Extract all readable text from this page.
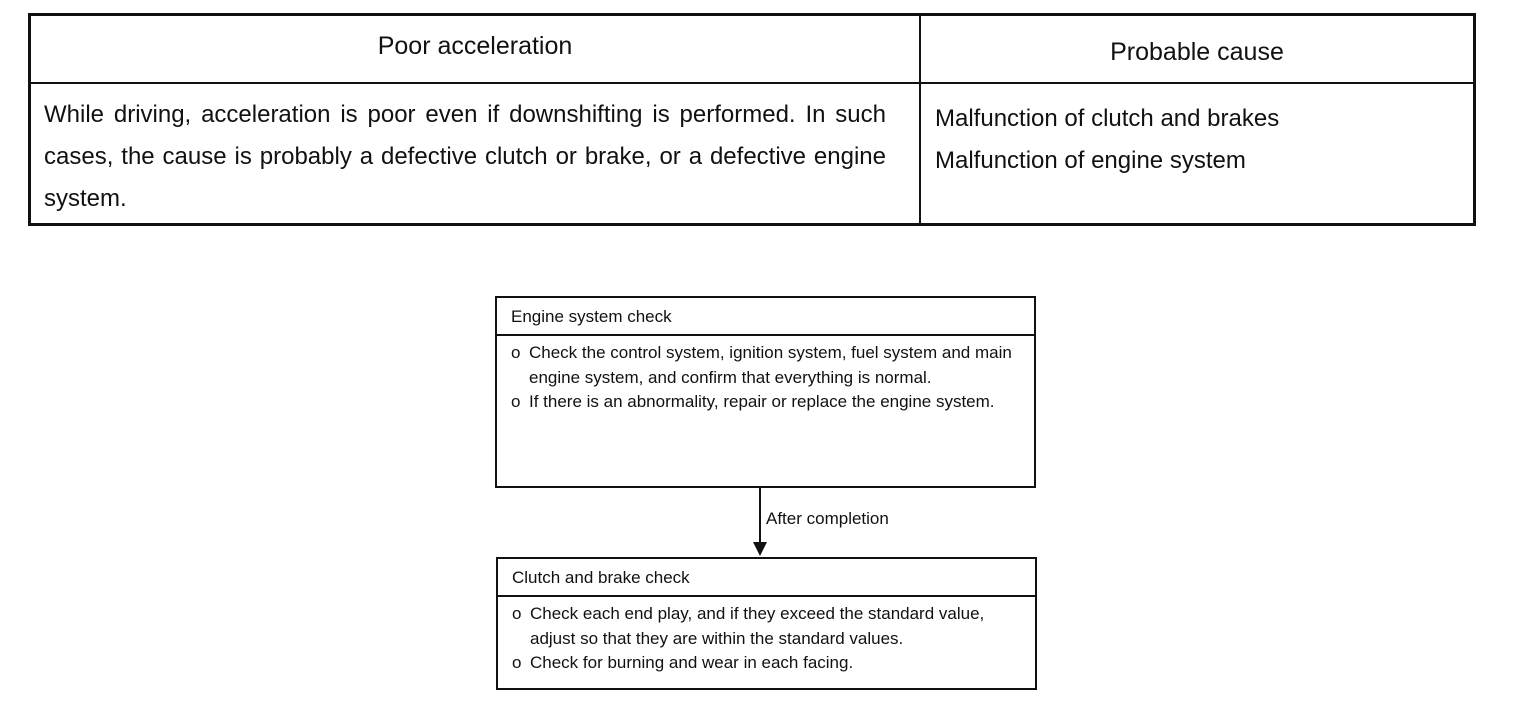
Poor acceleration	Probable cause
While driving, acceleration is poor even if downshifting is performed. In such cases, the cause is probably a defective clutch or brake, or a defective engine system.
Malfunction of clutch and brakes
Malfunction of engine system
Engine system check
o Check the control system, ignition system, fuel system and main engine system, and confirm that everything is normal.
o If there is an abnormality, repair or replace the engine system.
After completion
Clutch and brake check
o Check each end play, and if they exceed the standard value, adjust so that they are within the standard values.
o Check for burning and wear in each facing.
